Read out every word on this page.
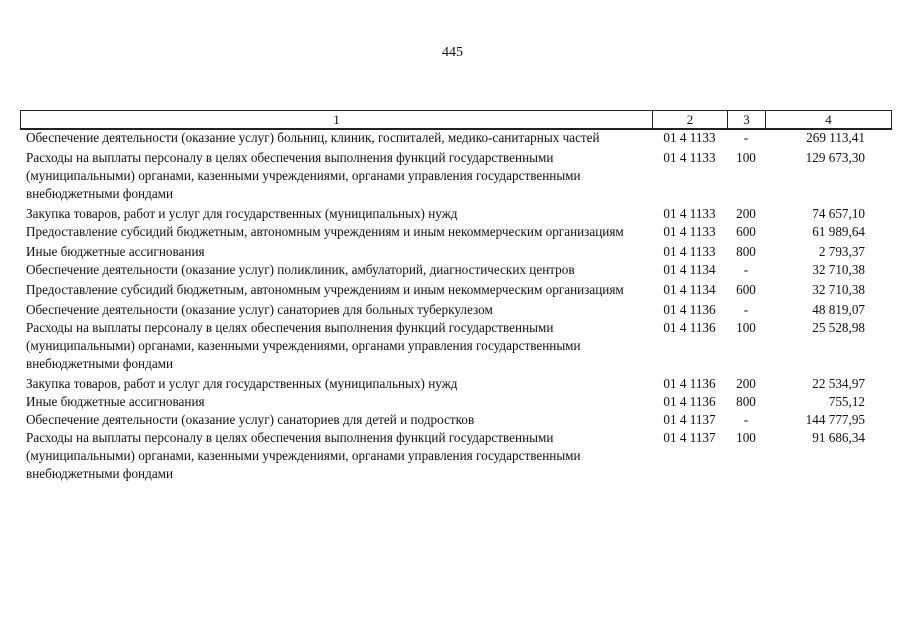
445
1	2	3	4
Обеспечение деятельности (оказание услуг) больниц, клиник, госпиталей, медико-санитарных частей	01 4 1133	-	269 113,41
Расходы на выплаты персоналу в целях обеспечения выполнения функций государственными (муниципальными) органами, казенными учреждениями, органами управления государственными внебюджетными фондами	01 4 1133	100	129 673,30
Закупка товаров, работ и услуг для государственных (муниципальных) нужд	01 4 1133	200	74 657,10
Предоставление субсидий бюджетным, автономным учреждениям и иным некоммерческим организациям	01 4 1133	600	61 989,64
Иные бюджетные ассигнования	01 4 1133	800	2 793,37
Обеспечение деятельности (оказание услуг) поликлиник, амбулаторий, диагностических центров	01 4 1134	-	32 710,38
Предоставление субсидий бюджетным, автономным учреждениям и иным некоммерческим организациям	01 4 1134	600	32 710,38
Обеспечение деятельности (оказание услуг) санаториев для больных туберкулезом	01 4 1136	-	48 819,07
Расходы на выплаты персоналу в целях обеспечения выполнения функций государственными (муниципальными) органами, казенными учреждениями, органами управления государственными внебюджетными фондами	01 4 1136	100	25 528,98
Закупка товаров, работ и услуг для государственных (муниципальных) нужд	01 4 1136	200	22 534,97
Иные бюджетные ассигнования	01 4 1136	800	755,12
Обеспечение деятельности (оказание услуг) санаториев для детей и подростков	01 4 1137	-	144 777,95
Расходы на выплаты персоналу в целях обеспечения выполнения функций государственными (муниципальными) органами, казенными учреждениями, органами управления государственными внебюджетными фондами	01 4 1137	100	91 686,34
